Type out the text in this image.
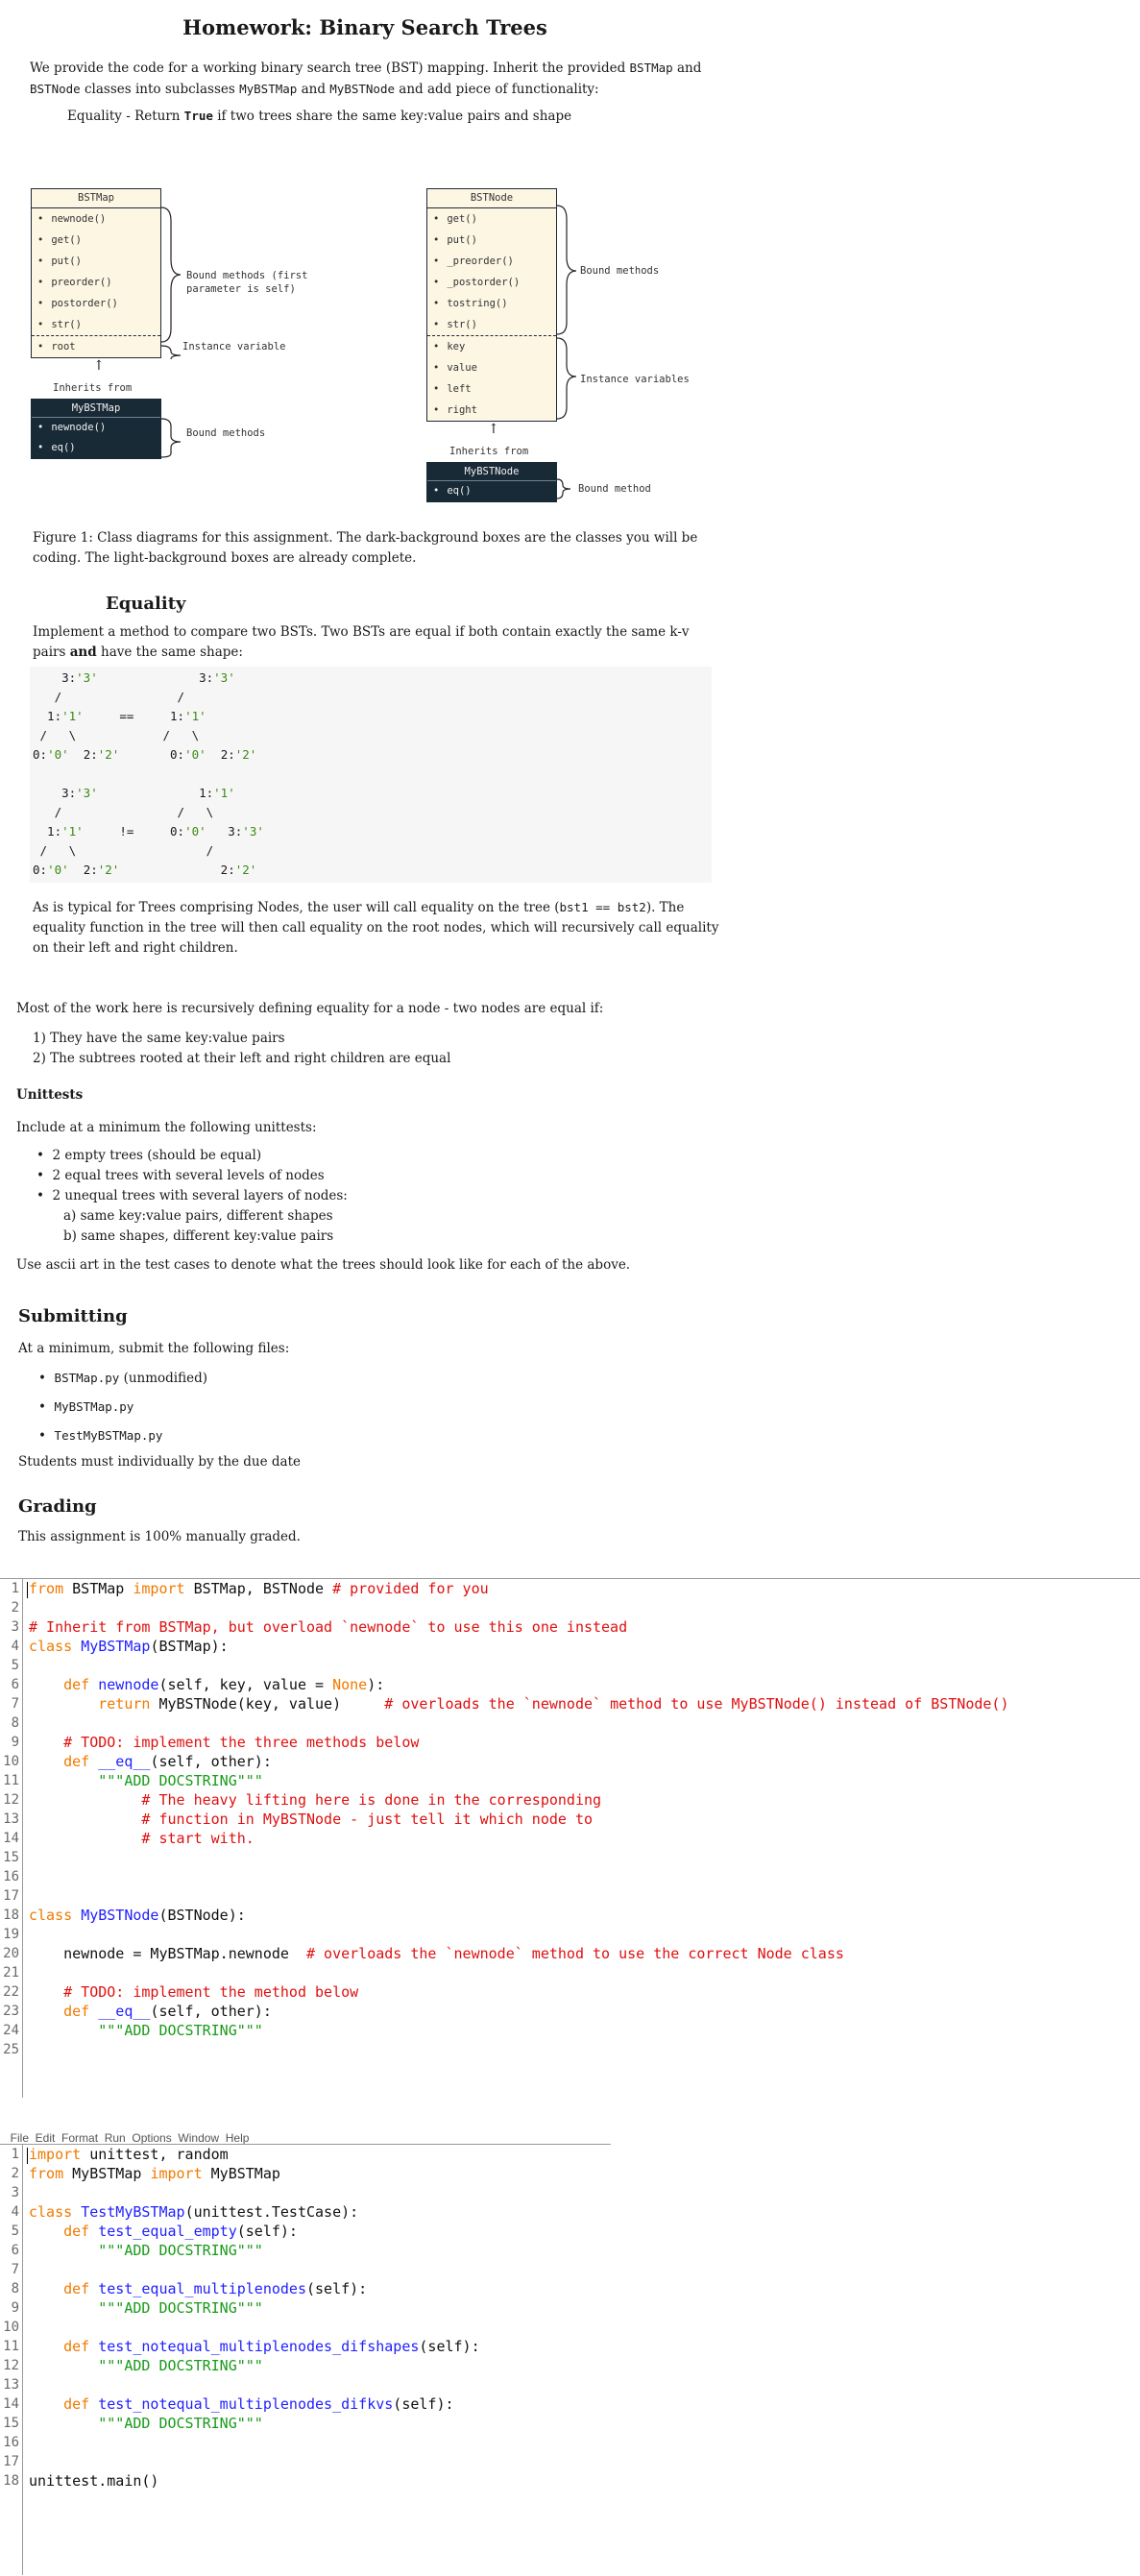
Homework: Binary Search Trees
We provide the code for a working binary search tree (BST) mapping. Inherit the provided BSTMap and
BSTNode classes into subclasses MyBSTMap and MyBSTNode and add piece of functionality:
Equality - Return True if two trees share the same key:value pairs and shape
BSTMap
• newnode()
• get()
• put()
• preorder()
• postorder()
• str()
• root
Bound methods (first parameter is self)
Instance variable
↑
Inherits from
MyBSTMap
• newnode()
• eq()
Bound methods
BSTNode
• get()
• put()
• _preorder()
• _postorder()
• tostring()
• str()
• key
• value
• left
• right
Bound methods
Instance variables
↑
Inherits from
MyBSTNode
• eq()	Bound method
Figure 1: Class diagrams for this assignment. The dark-background boxes are the classes you will be coding. The light-background boxes are already complete.
Equality
Implement a method to compare two BSTs. Two BSTs are equal if both contain exactly the same k-v pairs and have the same shape:
3:'3'              3:'3'
/                /
1:'1'	==     1:'1'
/   \            /   \
0:'0'  2:'2'       0:'0'  2:'2'
3:'3'              1:'1'
/                /   \
1:'1'	!=     0:'0'   3:'3'
/   \                  /
0:'0'  2:'2'              2:'2'
As is typical for Trees comprising Nodes, the user will call equality on the tree (bst1 == bst2). The equality function in the tree will then call equality on the root nodes, which will recursively call equality on their left and right children.
Most of the work here is recursively defining equality for a node - two nodes are equal if:
1) They have the same key:value pairs
2) The subtrees rooted at their left and right children are equal
Unittests
Include at a minimum the following unittests:
•  2 empty trees (should be equal)
•  2 equal trees with several levels of nodes
•  2 unequal trees with several layers of nodes:
a) same key:value pairs, different shapes
b) same shapes, different key:value pairs
Use ascii art in the test cases to denote what the trees should look like for each of the above.
Submitting
At a minimum, submit the following files:
•  BSTMap.py (unmodified)
•  MyBSTMap.py
•  TestMyBSTMap.py
Students must individually by the due date
Grading
This assignment is 100% manually graded.
1 from BSTMap import BSTMap, BSTNode # provided for you
2
3 # Inherit from BSTMap, but overload `newnode` to use this one instead
4 class MyBSTMap(BSTMap):
5
6	def newnode(self, key, value = None):
7	return MyBSTNode(key, value)     # overloads the `newnode` method to use MyBSTNode() instead of BSTNode()
8
9	# TODO: implement the three methods below
10	def __eq__(self, other):
11	"""ADD DOCSTRING"""
12	# The heavy lifting here is done in the corresponding
13	# function in MyBSTNode - just tell it which node to
14	# start with.
15
16
17
18 class MyBSTNode(BSTNode):
19
20 newnode = MyBSTMap.newnode  # overloads the `newnode` method to use the correct Node class
21
22	# TODO: implement the method below
23	def __eq__(self, other):
24	"""ADD DOCSTRING"""
25

File  Edit  Format  Run  Options  Window  Help

1 import unittest, random
2 from MyBSTMap import MyBSTMap
3
4 class TestMyBSTMap(unittest.TestCase):
5	def test_equal_empty(self):
6	"""ADD DOCSTRING"""
7
8	def test_equal_multiplenodes(self):
9	"""ADD DOCSTRING"""
10
11	def test_notequal_multiplenodes_difshapes(self):
12	"""ADD DOCSTRING"""
13
14	def test_notequal_multiplenodes_difkvs(self):
15	"""ADD DOCSTRING"""
16
17
18 unittest.main()
